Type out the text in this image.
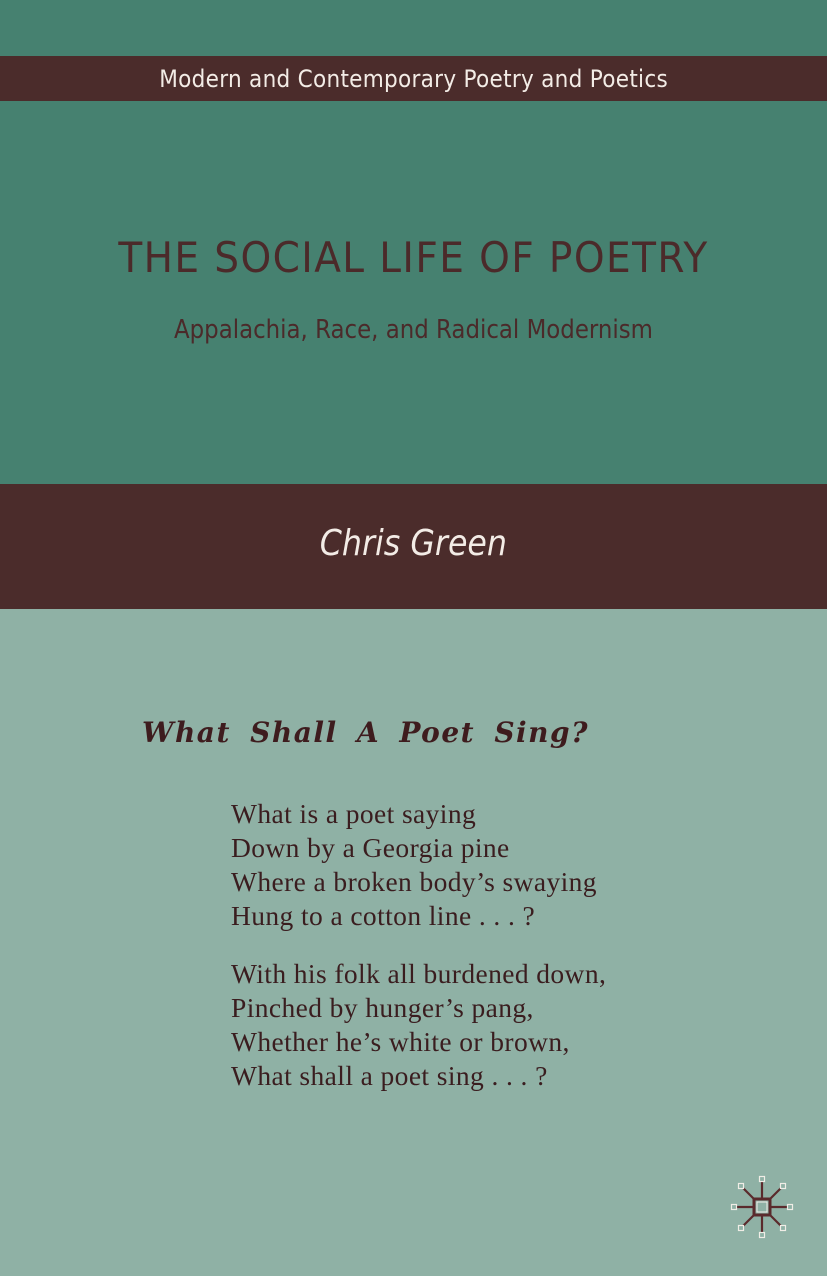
Modern and Contemporary Poetry and Poetics
THE SOCIAL LIFE OF POETRY
Appalachia, Race, and Radical Modernism
Chris Green
What Shall A Poet Sing?
What is a poet saying
Down by a Georgia pine
Where a broken body’s swaying
Hung to a cotton line . . . ?
With his folk all burdened down,
Pinched by hunger’s pang,
Whether he’s white or brown,
What shall a poet sing . . . ?
